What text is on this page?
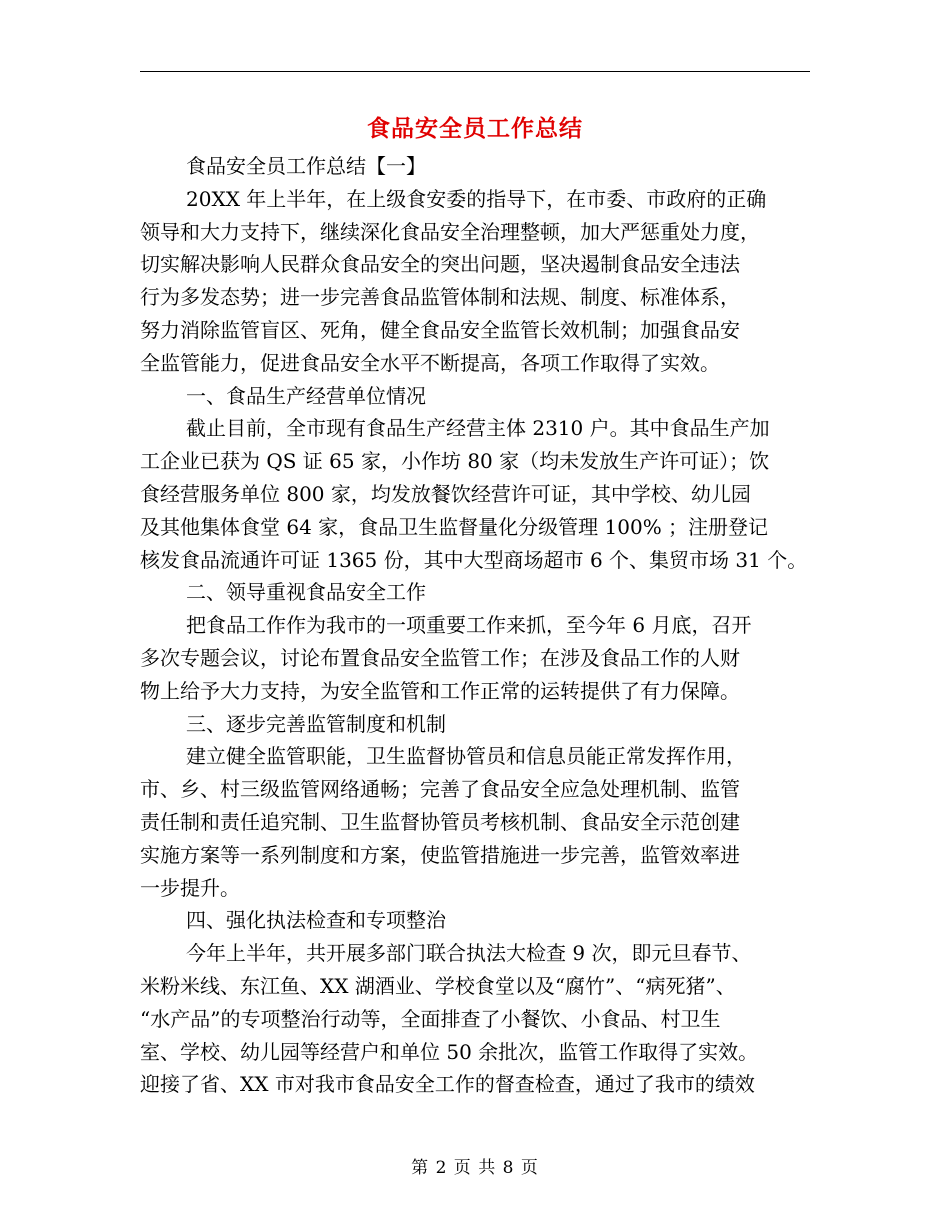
食品安全员工作总结
食品安全员工作总结【一】
20XX 年上半年，在上级食安委的指导下，在市委、市政府的正确
领导和大力支持下，继续深化食品安全治理整顿，加大严惩重处力度，
切实解决影响人民群众食品安全的突出问题，坚决遏制食品安全违法
行为多发态势；进一步完善食品监管体制和法规、制度、标准体系，
努力消除监管盲区、死角，健全食品安全监管长效机制；加强食品安
全监管能力，促进食品安全水平不断提高，各项工作取得了实效。
一、食品生产经营单位情况
截止目前，全市现有食品生产经营主体 2310 户。其中食品生产加
工企业已获为 QS 证 65 家，小作坊 80 家（均未发放生产许可证）；饮
食经营服务单位 800 家，均发放餐饮经营许可证，其中学校、幼儿园
及其他集体食堂 64 家，食品卫生监督量化分级管理 100% ；注册登记
核发食品流通许可证 1365 份，其中大型商场超市 6 个、集贸市场 31 个。
二、领导重视食品安全工作
把食品工作作为我市的一项重要工作来抓，至今年 6 月底，召开
多次专题会议，讨论布置食品安全监管工作；在涉及食品工作的人财
物上给予大力支持，为安全监管和工作正常的运转提供了有力保障。
三、逐步完善监管制度和机制
建立健全监管职能，卫生监督协管员和信息员能正常发挥作用，
市、乡、村三级监管网络通畅；完善了食品安全应急处理机制、监管
责任制和责任追究制、卫生监督协管员考核机制、食品安全示范创建
实施方案等一系列制度和方案，使监管措施进一步完善，监管效率进
一步提升。
四、强化执法检查和专项整治
今年上半年，共开展多部门联合执法大检查 9 次，即元旦春节、
米粉米线、东江鱼、XX 湖酒业、学校食堂以及“腐竹”、“病死猪”、
“水产品”的专项整治行动等，全面排查了小餐饮、小食品、村卫生
室、学校、幼儿园等经营户和单位 50 余批次，监管工作取得了实效。
迎接了省、XX 市对我市食品安全工作的督查检查，通过了我市的绩效
第 2 页 共 8 页
